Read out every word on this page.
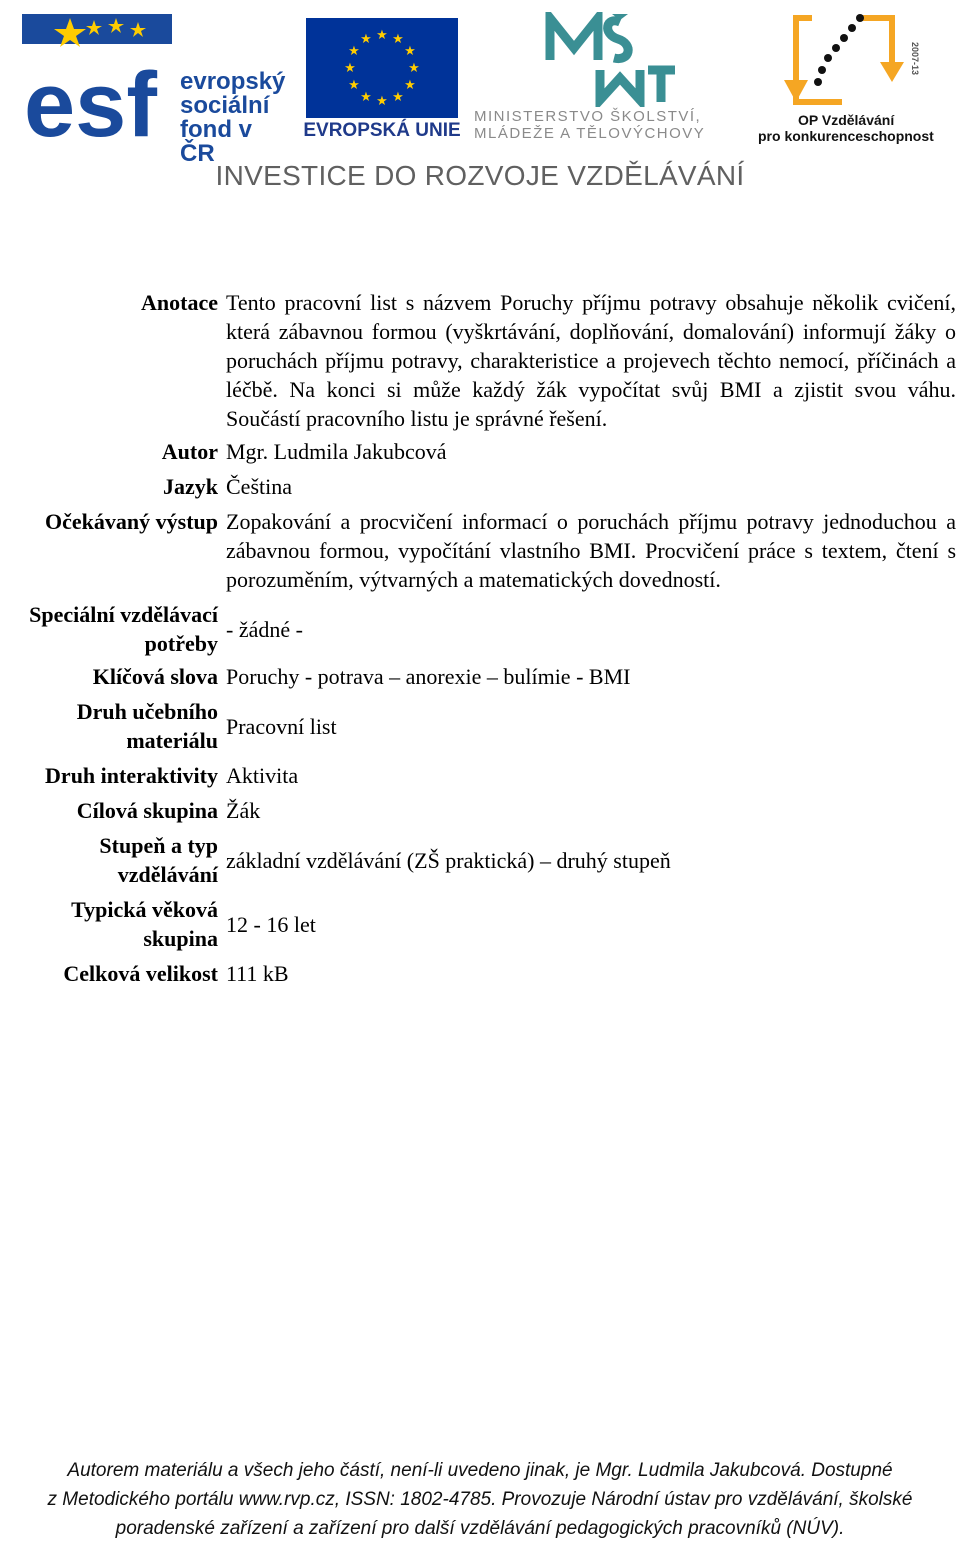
esf evropský
sociální
fond v ČR
★ ★
★
★
★
★
★
★
★
★
★
★
EVROPSKÁ UNIE
MINISTERSTVO ŠKOLSTVÍ,
MLÁDEŽE A TĚLOVÝCHOVY
2007-13
OP Vzdělávání
pro konkurenceschopnost
INVESTICE DO ROZVOJE VZDĚLÁVÁNÍ
Anotace Tento pracovní list s názvem Poruchy příjmu potravy obsahuje několik cvičení, která zábavnou formou (vyškrtávání, doplňování, domalování) informují žáky o poruchách příjmu potravy, charakteristice a projevech těchto nemocí, příčinách a léčbě. Na konci si může každý žák vypočítat svůj BMI a zjistit svou váhu. Součástí pracovního listu je správné řešení.
Autor Mgr. Ludmila Jakubcová
Jazyk Čeština
Očekávaný výstup Zopakování a procvičení informací o poruchách příjmu potravy jednoduchou a zábavnou formou, vypočítání vlastního BMI. Procvičení práce s textem, čtení s porozuměním, výtvarných a matematických dovedností.
Speciální vzdělávací potřeby
- žádné -
Klíčová slova Poruchy - potrava – anorexie – bulímie - BMI
Druh učebního materiálu
Pracovní list
Druh interaktivity Aktivita
Cílová skupina Žák
Stupeň a typ vzdělávání
základní vzdělávání (ZŠ praktická) – druhý stupeň
Typická věková skupina
12 - 16 let
Celková velikost 111 kB
Autorem materiálu a všech jeho částí, není-li uvedeno jinak, je Mgr. Ludmila Jakubcová. Dostupné
z Metodického portálu www.rvp.cz, ISSN: 1802-4785. Provozuje Národní ústav pro vzdělávání, školské
poradenské zařízení a zařízení pro další vzdělávání pedagogických pracovníků (NÚV).
